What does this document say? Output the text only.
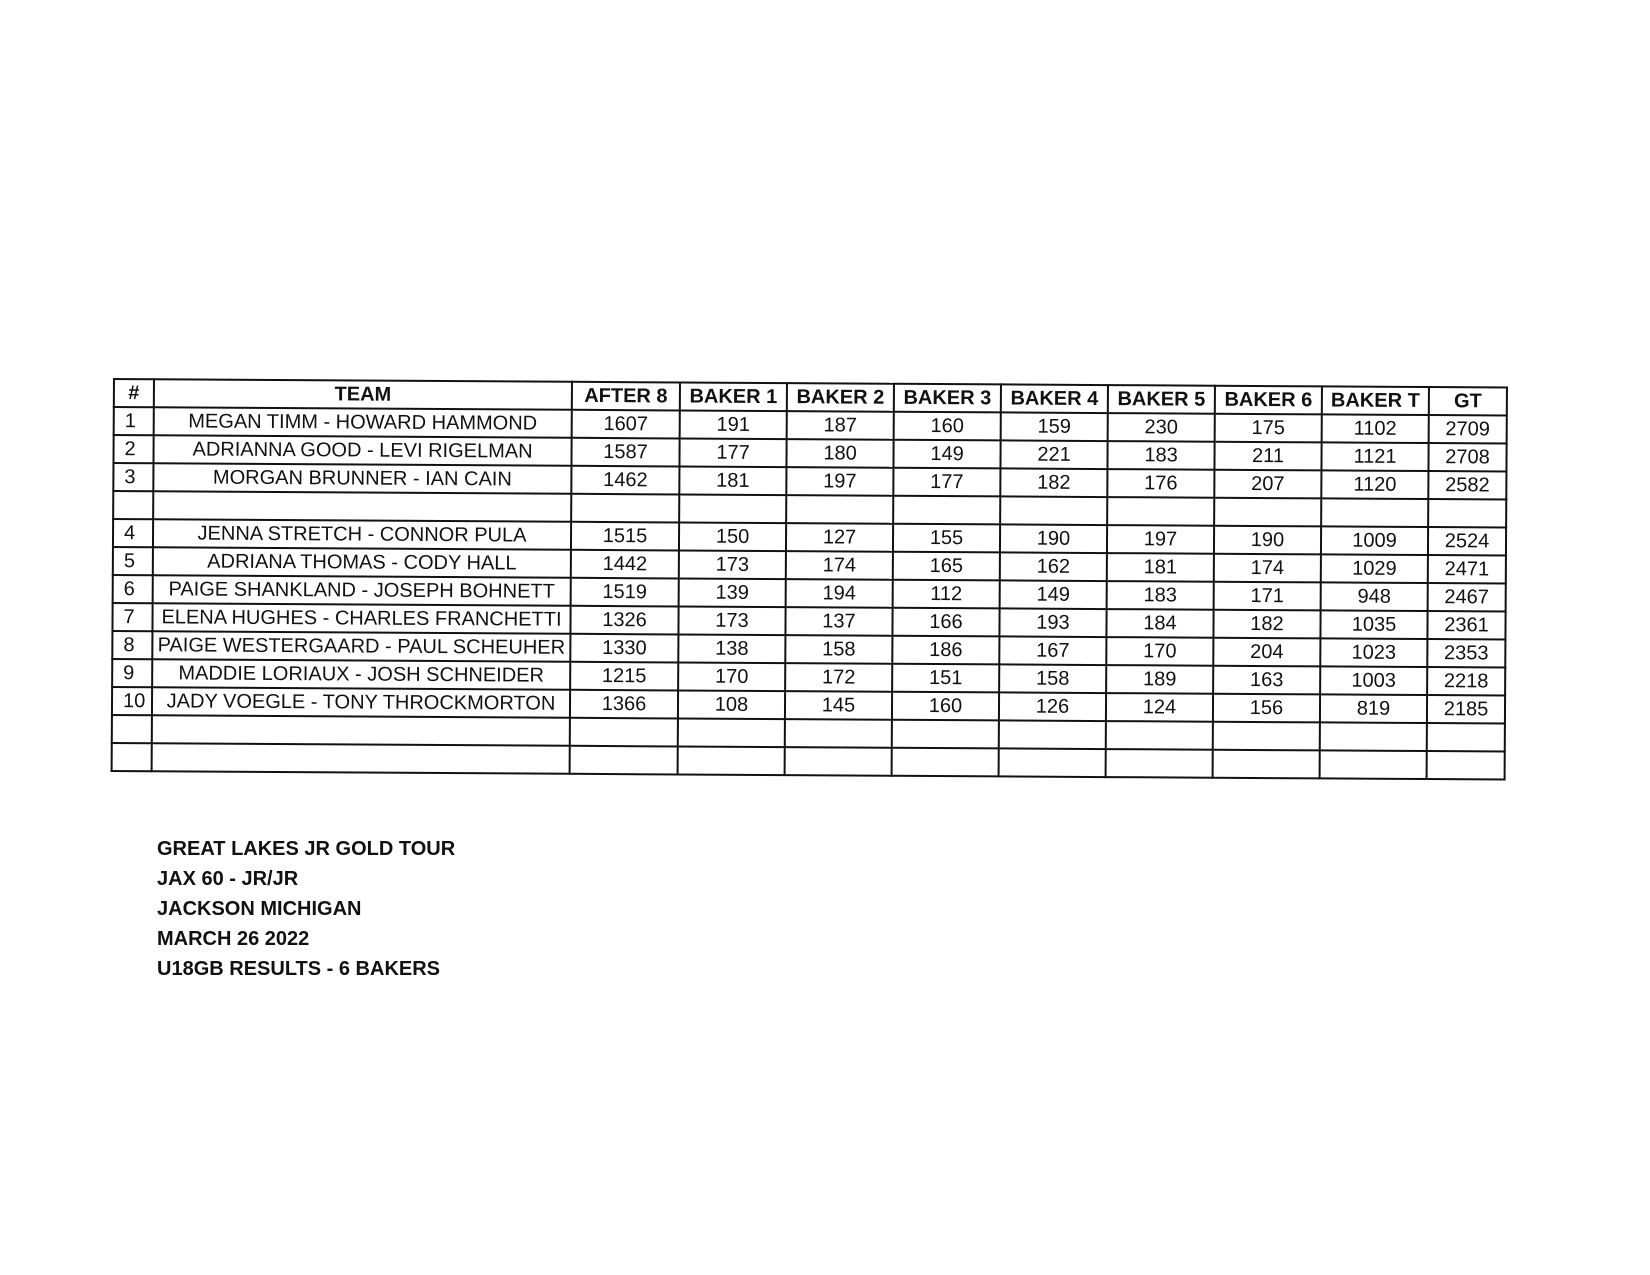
#	TEAM	AFTER 8	BAKER 1	BAKER 2	BAKER 3	BAKER 4	BAKER 5	BAKER 6	BAKER T	GT
1	MEGAN TIMM - HOWARD HAMMOND	1607	191	187	160	159	230	175	1102	2709
2	ADRIANNA GOOD - LEVI RIGELMAN	1587	177	180	149	221	183	211	1121	2708
3	MORGAN BRUNNER - IAN CAIN	1462	181	197	177	182	176	207	1120	2582

4	JENNA STRETCH - CONNOR PULA	1515	150	127	155	190	197	190	1009	2524
5	ADRIANA THOMAS - CODY HALL	1442	173	174	165	162	181	174	1029	2471
6	PAIGE SHANKLAND - JOSEPH BOHNETT	1519	139	194	112	149	183	171	948	2467
7	ELENA HUGHES - CHARLES FRANCHETTI	1326	173	137	166	193	184	182	1035	2361
8	PAIGE WESTERGAARD - PAUL SCHEUHER	1330	138	158	186	167	170	204	1023	2353
9	MADDIE LORIAUX - JOSH SCHNEIDER	1215	170	172	151	158	189	163	1003	2218
10	JADY VOEGLE - TONY THROCKMORTON	1366	108	145	160	126	124	156	819	2185

GREAT LAKES JR GOLD TOUR
JAX 60 - JR/JR
JACKSON MICHIGAN
MARCH 26 2022
U18GB RESULTS - 6 BAKERS
